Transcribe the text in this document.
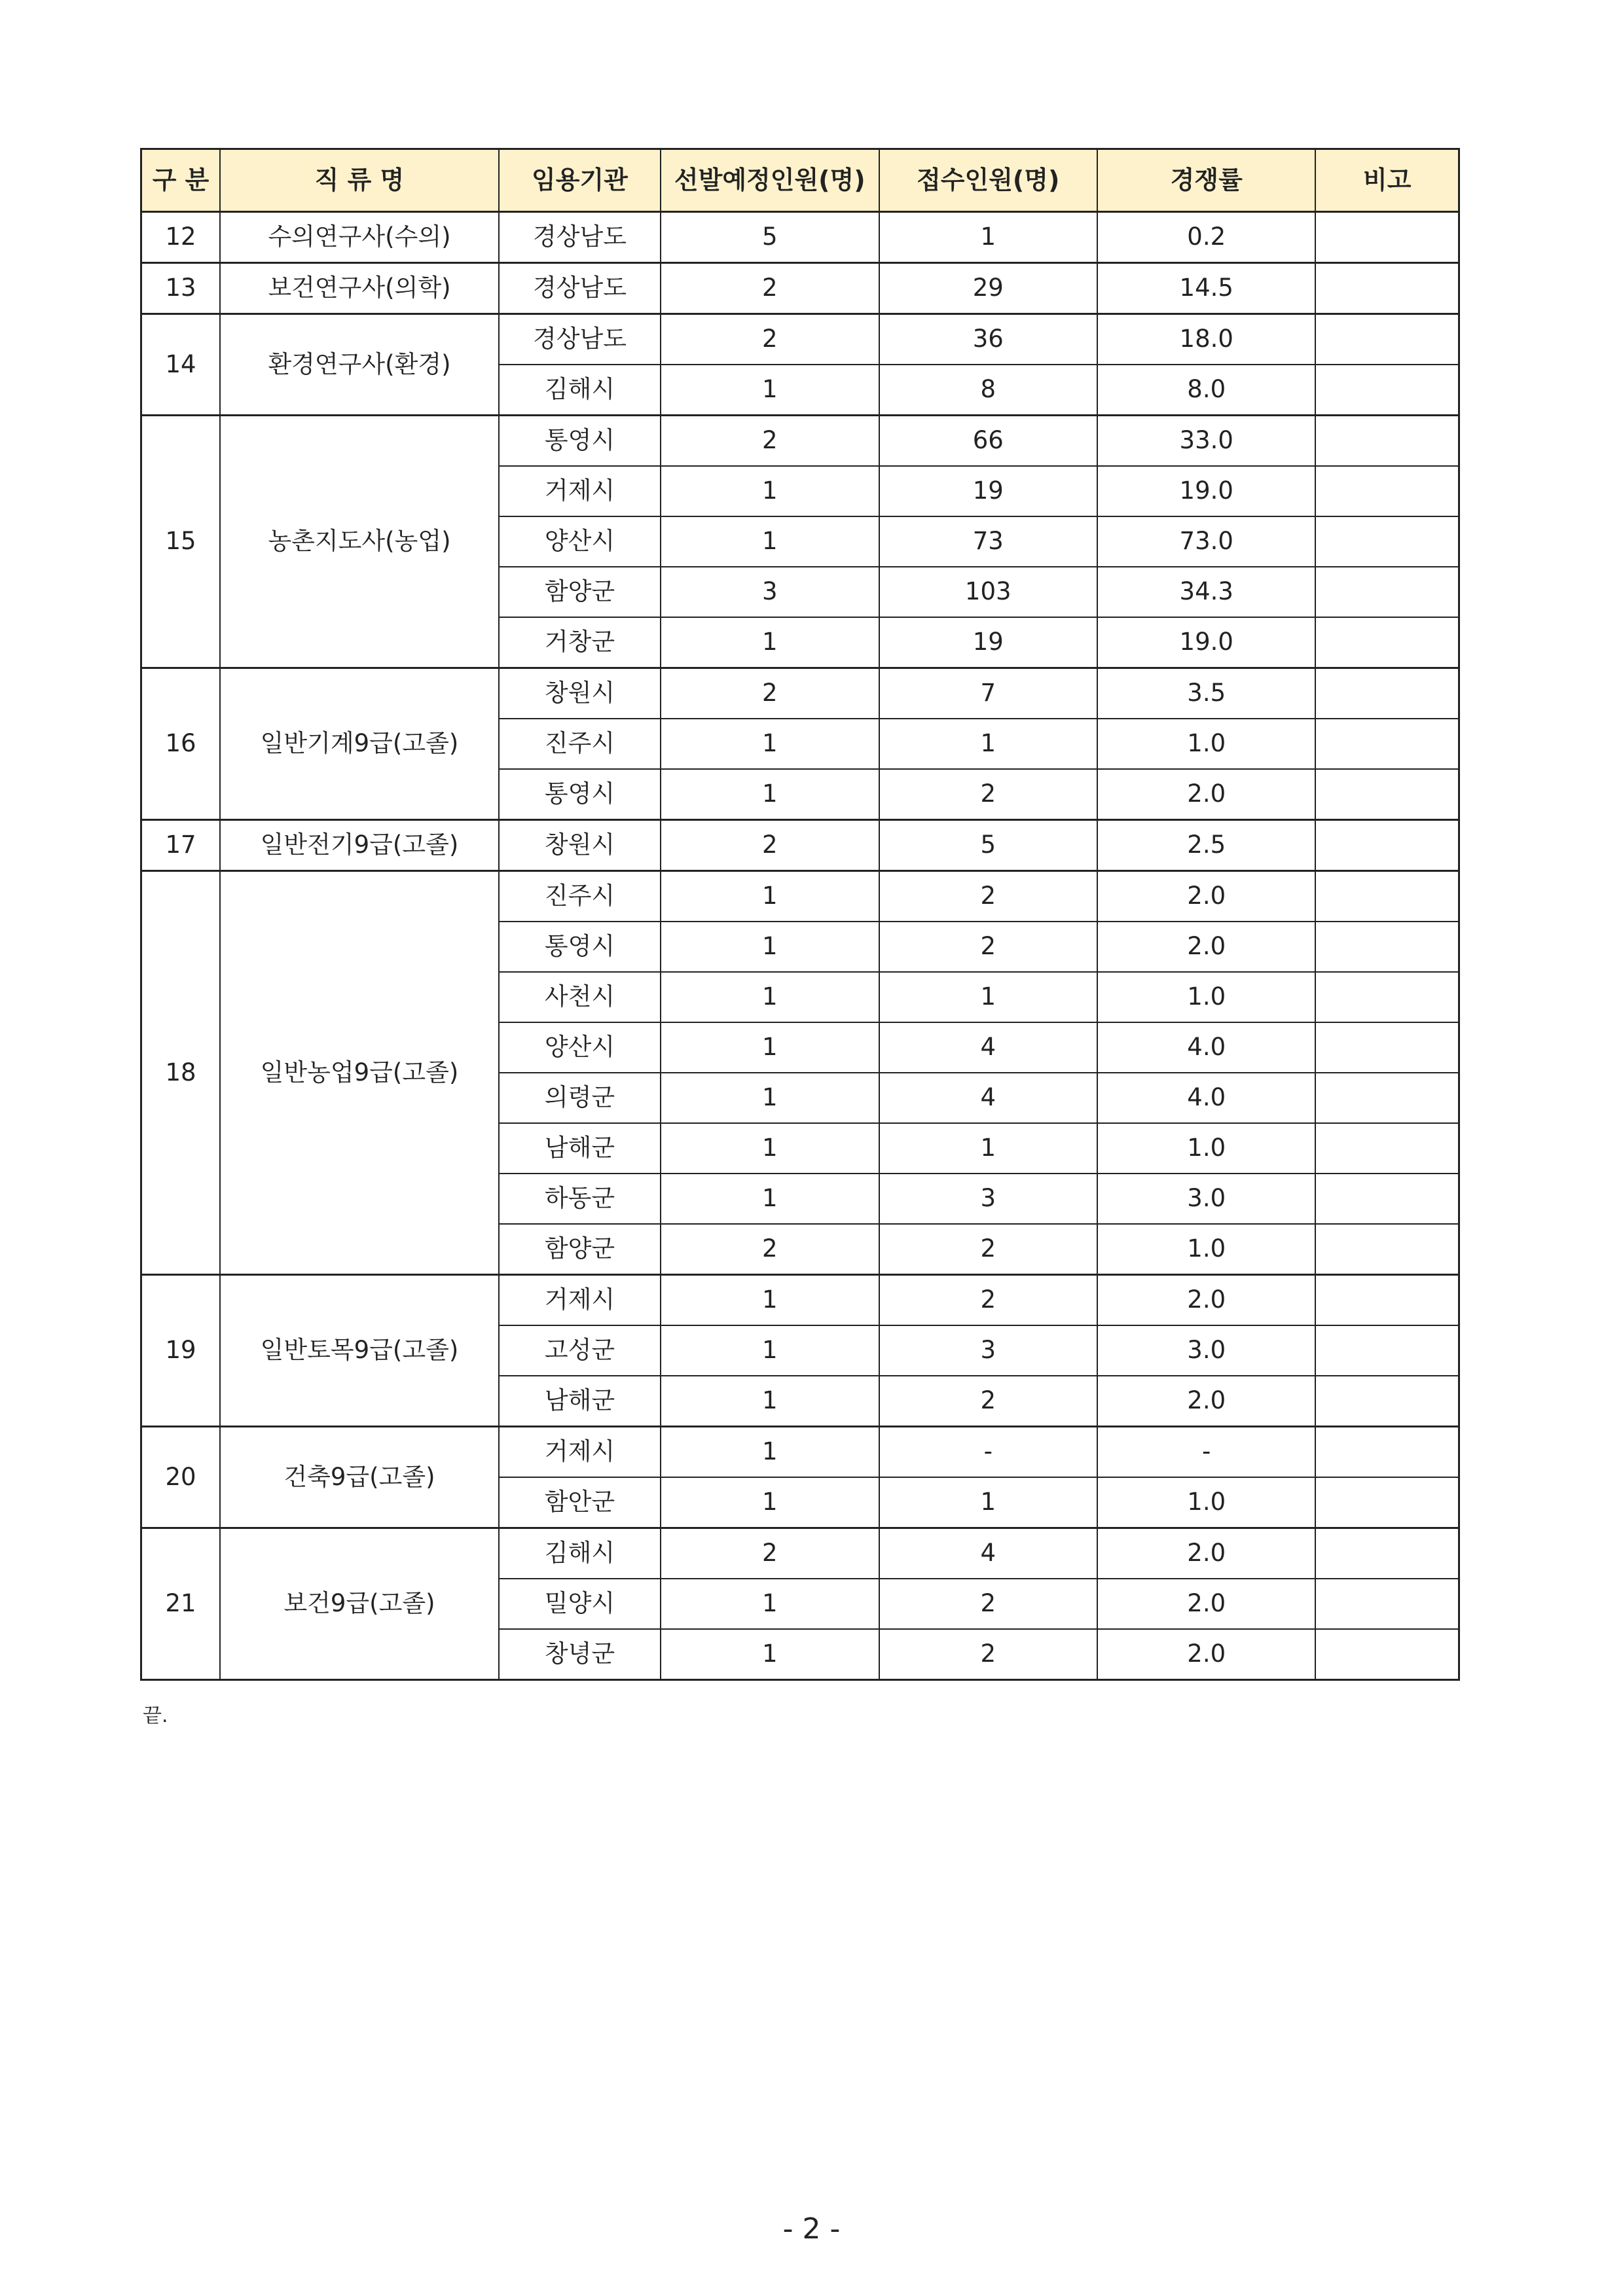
구 분	직 류 명	임용기관	선발예정인원(명)	접수인원(명)	경쟁률	비고
12	수의연구사(수의)	경상남도	5	1	0.2	
13	보건연구사(의학)	경상남도	2	29	14.5	
14	환경연구사(환경)	경상남도	2	36	18.0	
		김해시	1	8	8.0	
15	농촌지도사(농업)	통영시	2	66	33.0	
		거제시	1	19	19.0	
		양산시	1	73	73.0	
		함양군	3	103	34.3	
		거창군	1	19	19.0	
16	일반기계9급(고졸)	창원시	2	7	3.5	
		진주시	1	1	1.0	
		통영시	1	2	2.0	
17	일반전기9급(고졸)	창원시	2	5	2.5	
18	일반농업9급(고졸)	진주시	1	2	2.0	
		통영시	1	2	2.0	
		사천시	1	1	1.0	
		양산시	1	4	4.0	
		의령군	1	4	4.0	
		남해군	1	1	1.0	
		하동군	1	3	3.0	
		함양군	2	2	1.0	
19	일반토목9급(고졸)	거제시	1	2	2.0	
		고성군	1	3	3.0	
		남해군	1	2	2.0	
20	건축9급(고졸)	거제시	1	-	-	
		함안군	1	1	1.0	
21	보건9급(고졸)	김해시	2	4	2.0	
		밀양시	1	2	2.0	
		창녕군	1	2	2.0	
끝.
- 2 -
